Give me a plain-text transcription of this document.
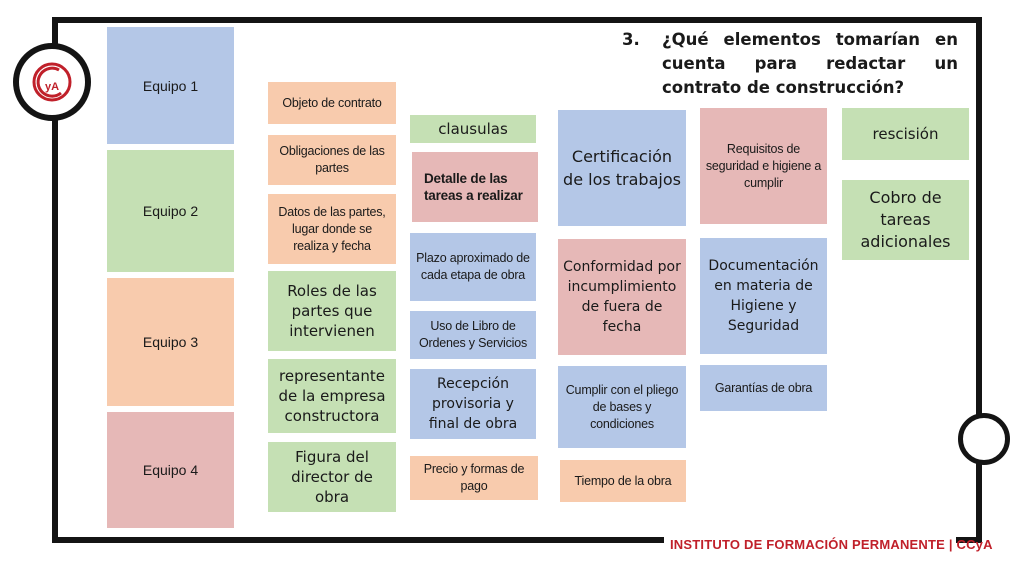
yA
INSTITUTO DE FORMACIÓN PERMANENTE | CCyA
3. ¿Qué elementos tomarían en cuenta para redactar un contrato de construcción?
Equipo 1
Equipo 2
Equipo 3
Equipo 4
Objeto de contrato
Obligaciones de las partes
Datos de las partes, lugar donde se realiza y fecha
Roles de las partes que intervienen
representante de la empresa constructora
Figura del director de obra
clausulas
Detalle de las tareas a realizar
Plazo aproximado de cada etapa de obra
Uso de Libro de Ordenes y Servicios
Recepción provisoria y final de obra
Precio y formas de pago
Certificación de los trabajos
Conformidad por incumplimiento de fuera de fecha
Cumplir con el pliego de bases y condiciones
Tiempo de la obra
Requisitos de seguridad e higiene a cumplir
Documentación en materia de Higiene y Seguridad
Garantías de obra
rescisión
Cobro de tareas adicionales
